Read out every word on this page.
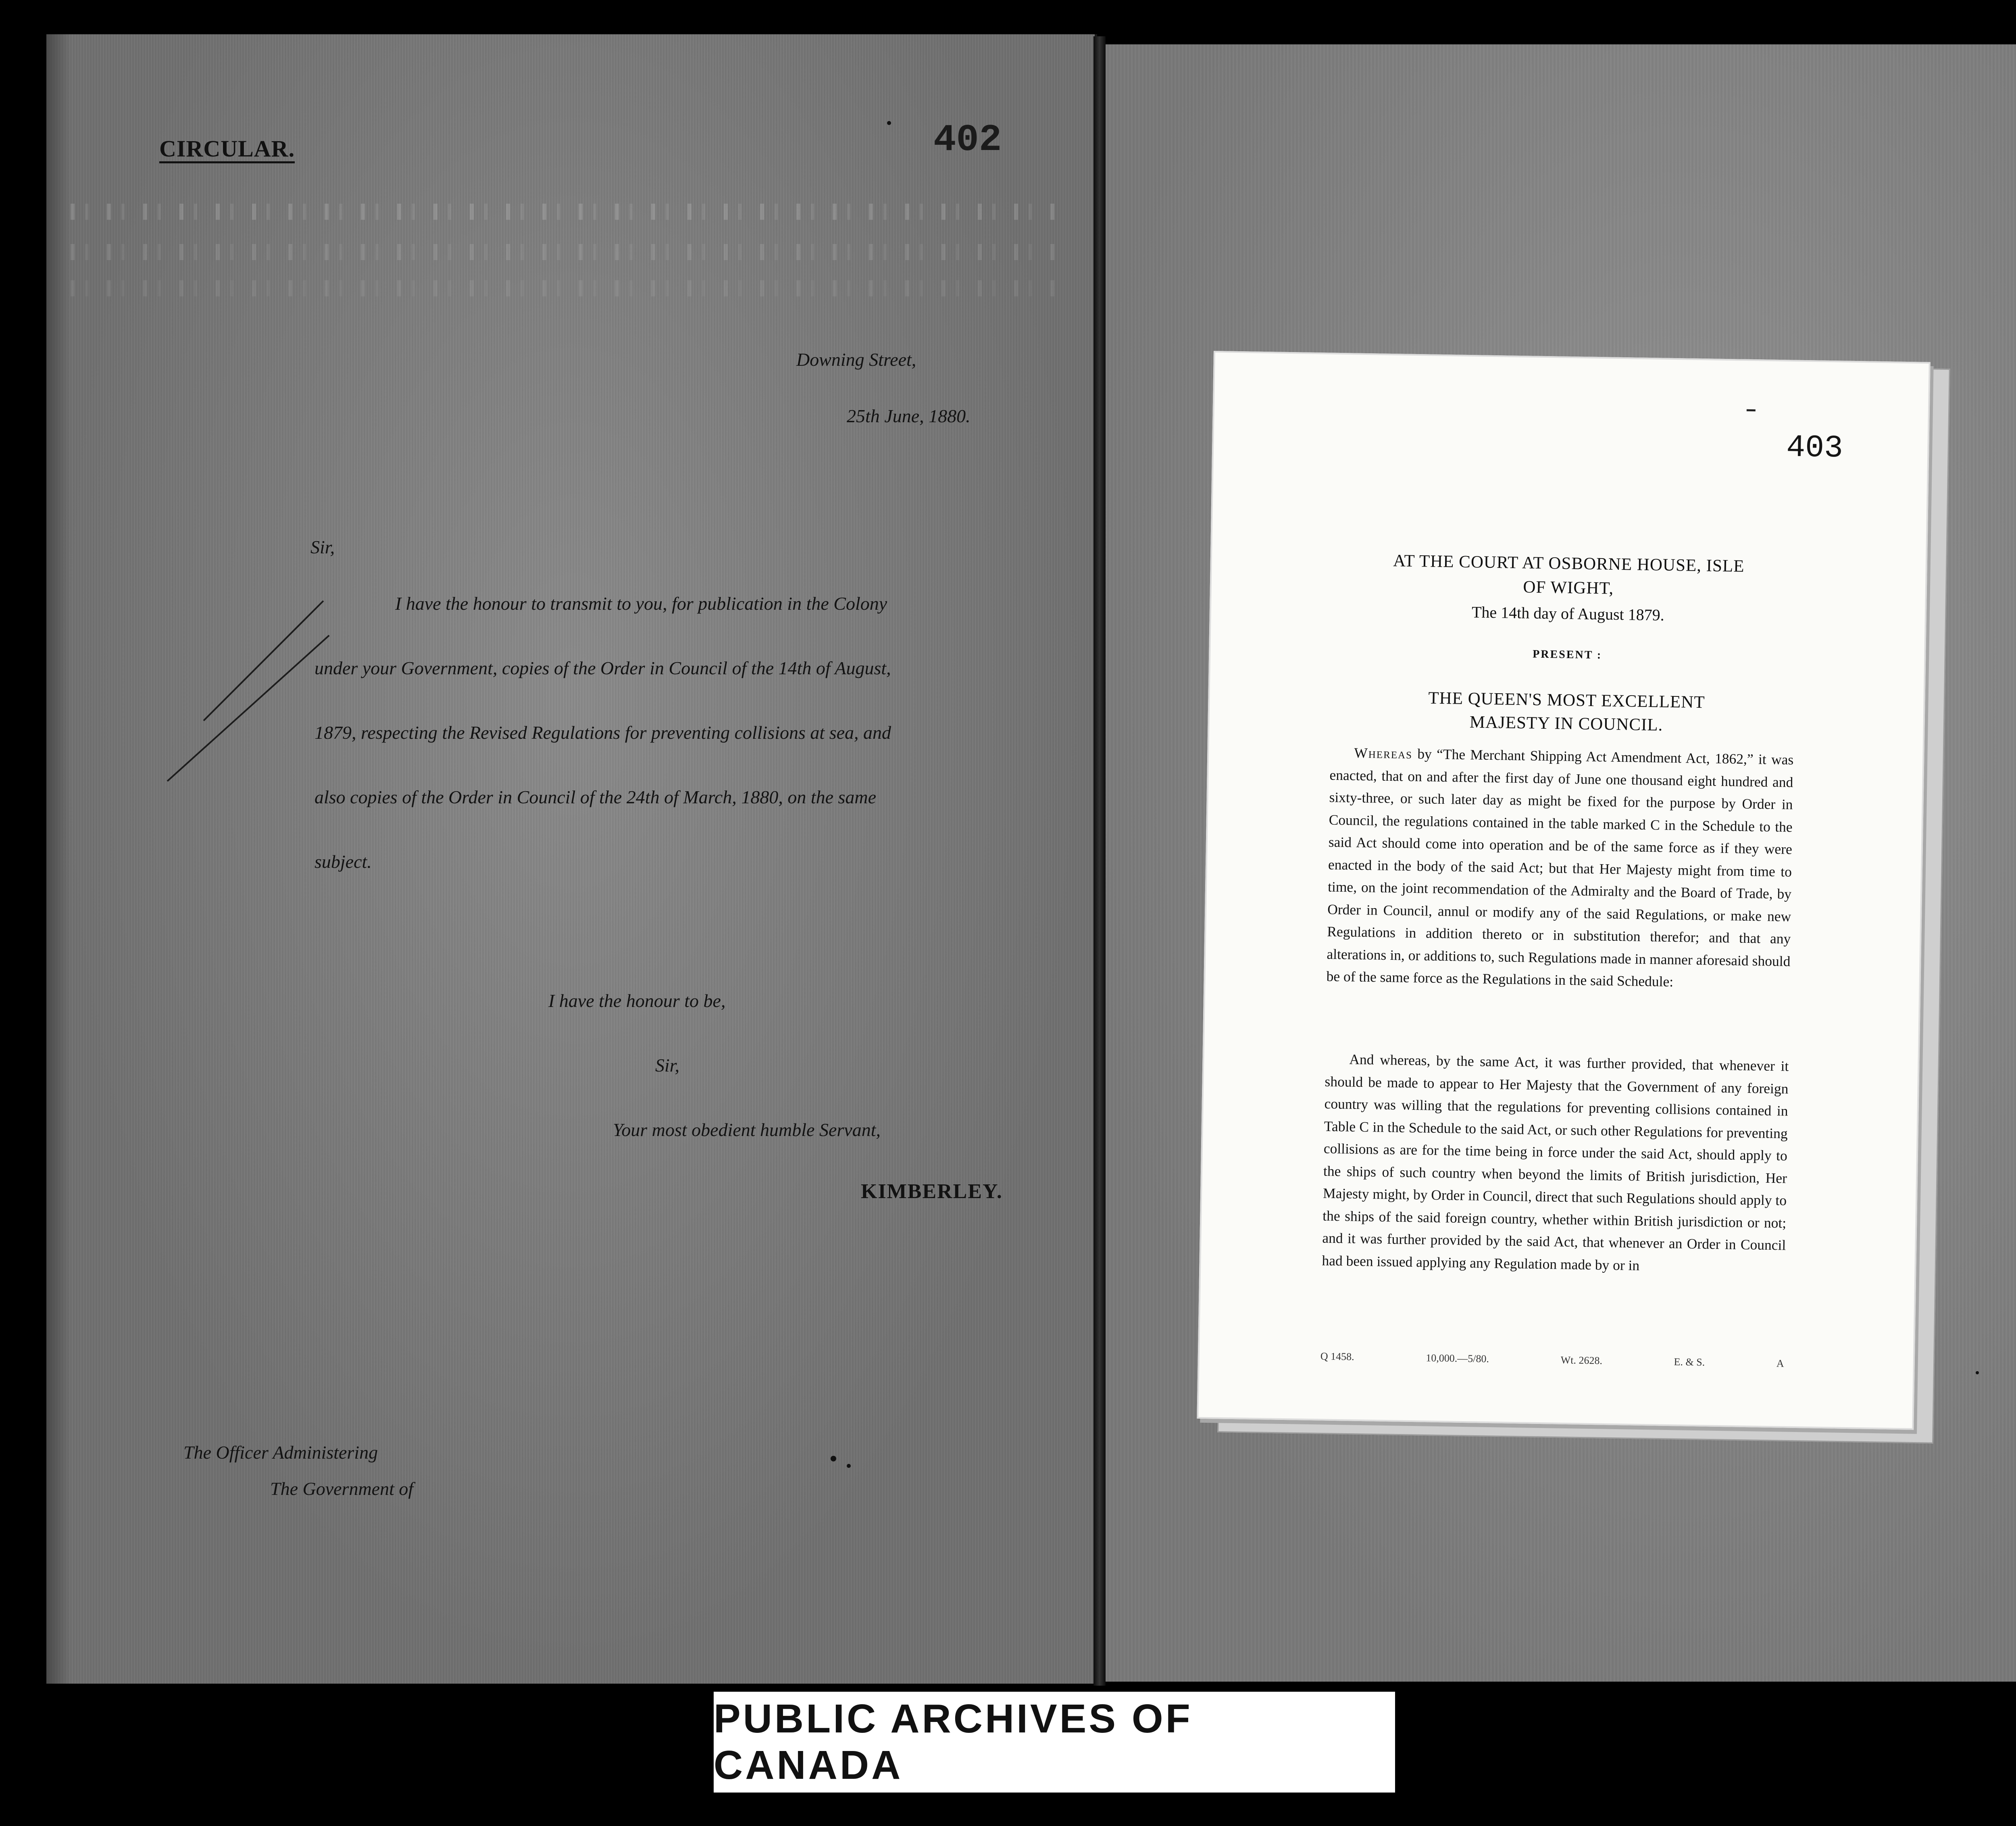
CIRCULAR.	402
Downing Street,
25th June, 1880.
Sir,
I have the honour to transmit to you, for publication in the Colony
under your Government, copies of the Order in Council of the 14th of August,
1879, respecting the Revised Regulations for preventing collisions at sea, and
also copies of the Order in Council of the 24th of March, 1880, on the same
subject.
I have the honour to be,
Sir,
Your most obedient humble Servant,
KIMBERLEY.
The Officer Administering
The Government of
403
AT THE COURT AT OSBORNE HOUSE, ISLE OF WIGHT,
The 14th day of August 1879.
PRESENT :
THE QUEEN'S MOST EXCELLENT MAJESTY IN COUNCIL.
Whereas by “The Merchant Shipping Act Amendment Act, 1862,” it was enacted, that on and after the first day of June one thousand eight hundred and sixty-three, or such later day as might be fixed for the purpose by Order in Council, the regulations contained in the table marked C in the Schedule to the said Act should come into operation and be of the same force as if they were enacted in the body of the said Act; but that Her Majesty might from time to time, on the joint recommendation of the Admiralty and the Board of Trade, by Order in Council, annul or modify any of the said Regulations, or make new Regulations in addition thereto or in substitution therefor; and that any alterations in, or additions to, such Regulations made in manner aforesaid should be of the same force as the Regulations in the said Schedule:
And whereas, by the same Act, it was further provided, that whenever it should be made to appear to Her Majesty that the Government of any foreign country was willing that the regulations for preventing collisions contained in Table C in the Schedule to the said Act, or such other Regulations for preventing collisions as are for the time being in force under the said Act, should apply to the ships of such country when beyond the limits of British jurisdiction, Her Majesty might, by Order in Council, direct that such Regulations should apply to the ships of the said foreign country, whether within British jurisdiction or not; and it was further provided by the said Act, that whenever an Order in Council had been issued applying any Regulation made by or in
Q 1458.	10,000.—5/80.	Wt. 2628.	E. & S.	A
PUBLIC ARCHIVES OF CANADA
